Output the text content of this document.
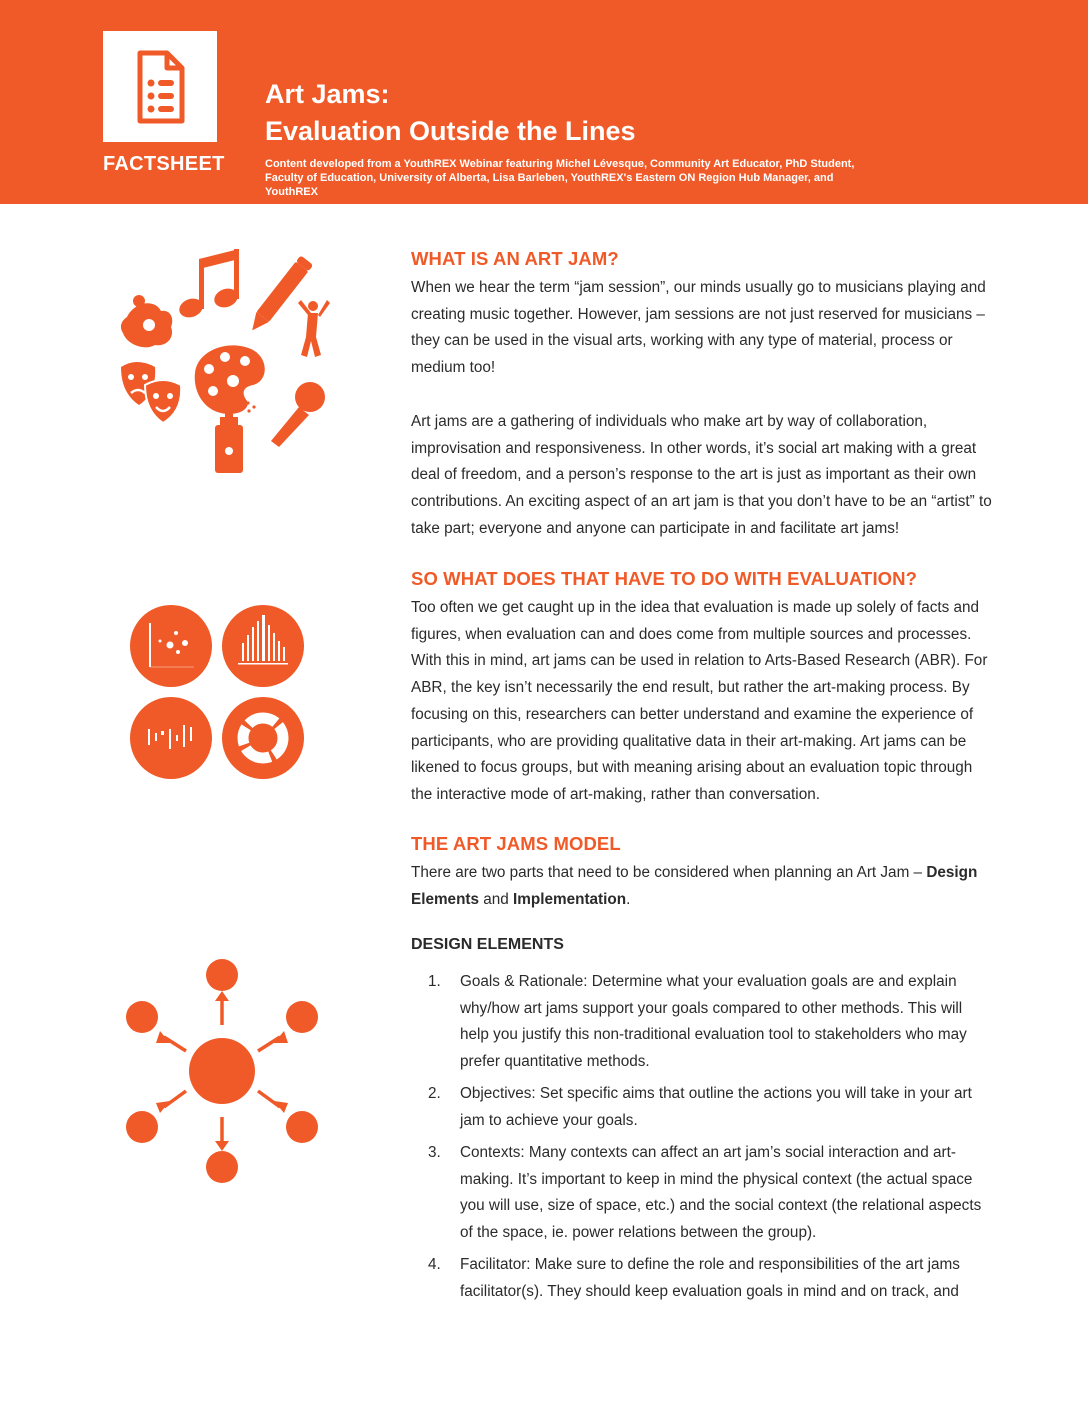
FACTSHEET
Art Jams:
Evaluation Outside the Lines
Content developed from a YouthREX Webinar featuring Michel Lévesque, Community Art Educator, PhD Student, Faculty of Education, University of Alberta, Lisa Barleben, YouthREX's Eastern ON Region Hub Manager, and YouthREX
WHAT IS AN ART JAM?

When we hear the term “jam session”, our minds usually go to musicians playing and creating music together. However, jam sessions are not just reserved for musicians – they can be used in the visual arts, working with any type of material, process or medium too!

Art jams are a gathering of individuals who make art by way of collaboration, improvisation and responsiveness. In other words, it’s social art making with a great deal of freedom, and a person’s response to the art is just as important as their own contributions. An exciting aspect of an art jam is that you don’t have to be an “artist” to take part; everyone and anyone can participate in and facilitate art jams!

SO WHAT DOES THAT HAVE TO DO WITH EVALUATION?

Too often we get caught up in the idea that evaluation is made up solely of facts and figures, when evaluation can and does come from multiple sources and processes. With this in mind, art jams can be used in relation to Arts-Based Research (ABR). For ABR, the key isn’t necessarily the end result, but rather the art-making process. By focusing on this, researchers can better understand and examine the experience of participants, who are providing qualitative data in their art-making. Art jams can be likened to focus groups, but with meaning arising about an evaluation topic through the interactive mode of art-making, rather than conversation.

THE ART JAMS MODEL

There are two parts that need to be considered when planning an Art Jam – Design Elements and Implementation.

DESIGN ELEMENTS
1. Goals & Rationale: Determine what your evaluation goals are and explain why/how art jams support your goals compared to other methods. This will help you justify this non-traditional evaluation tool to stakeholders who may prefer quantitative methods.
2. Objectives: Set specific aims that outline the actions you will take in your art jam to achieve your goals.
3. Contexts: Many contexts can affect an art jam’s social interaction and art-making. It’s important to keep in mind the physical context (the actual space you will use, size of space, etc.) and the social context (the relational aspects of the space, ie. power relations between the group).
4. Facilitator: Make sure to define the role and responsibilities of the art jams facilitator(s). They should keep evaluation goals in mind and on track, and
